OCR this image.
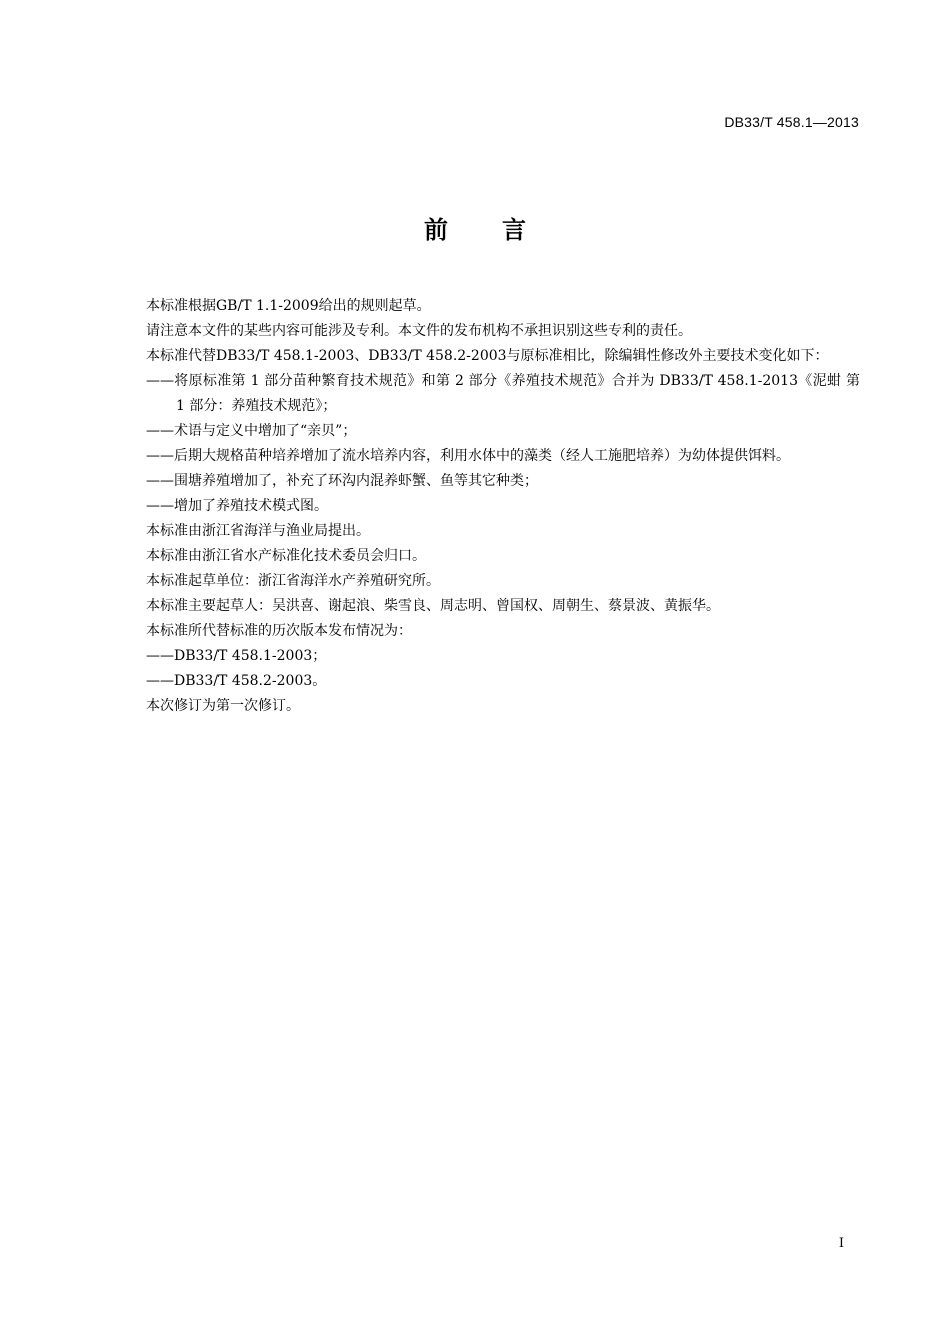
DB33/T 458.1—2013
前言

本标准根据GB/T 1.1-2009给出的规则起草。

请注意本文件的某些内容可能涉及专利。本文件的发布机构不承担识别这些专利的责任。

本标准代替DB33/T 458.1-2003、DB33/T 458.2-2003与原标准相比，除编辑性修改外主要技术变化如下：

——将原标准第 1 部分苗种繁育技术规范》和第 2 部分《养殖技术规范》合并为 DB33/T 458.1-2013《泥蚶 第 1 部分：养殖技术规范》；

——术语与定义中增加了“亲贝”；

——后期大规格苗种培养增加了流水培养内容，利用水体中的藻类（经人工施肥培养）为幼体提供饵料。

——围塘养殖增加了，补充了环沟内混养虾蟹、鱼等其它种类；

——增加了养殖技术模式图。

本标准由浙江省海洋与渔业局提出。

本标准由浙江省水产标准化技术委员会归口。

本标准起草单位：浙江省海洋水产养殖研究所。

本标准主要起草人：吴洪喜、谢起浪、柴雪良、周志明、曾国权、周朝生、蔡景波、黄振华。

本标准所代替标准的历次版本发布情况为：

——DB33/T 458.1-2003；

——DB33/T 458.2-2003。

本次修订为第一次修订。

I
